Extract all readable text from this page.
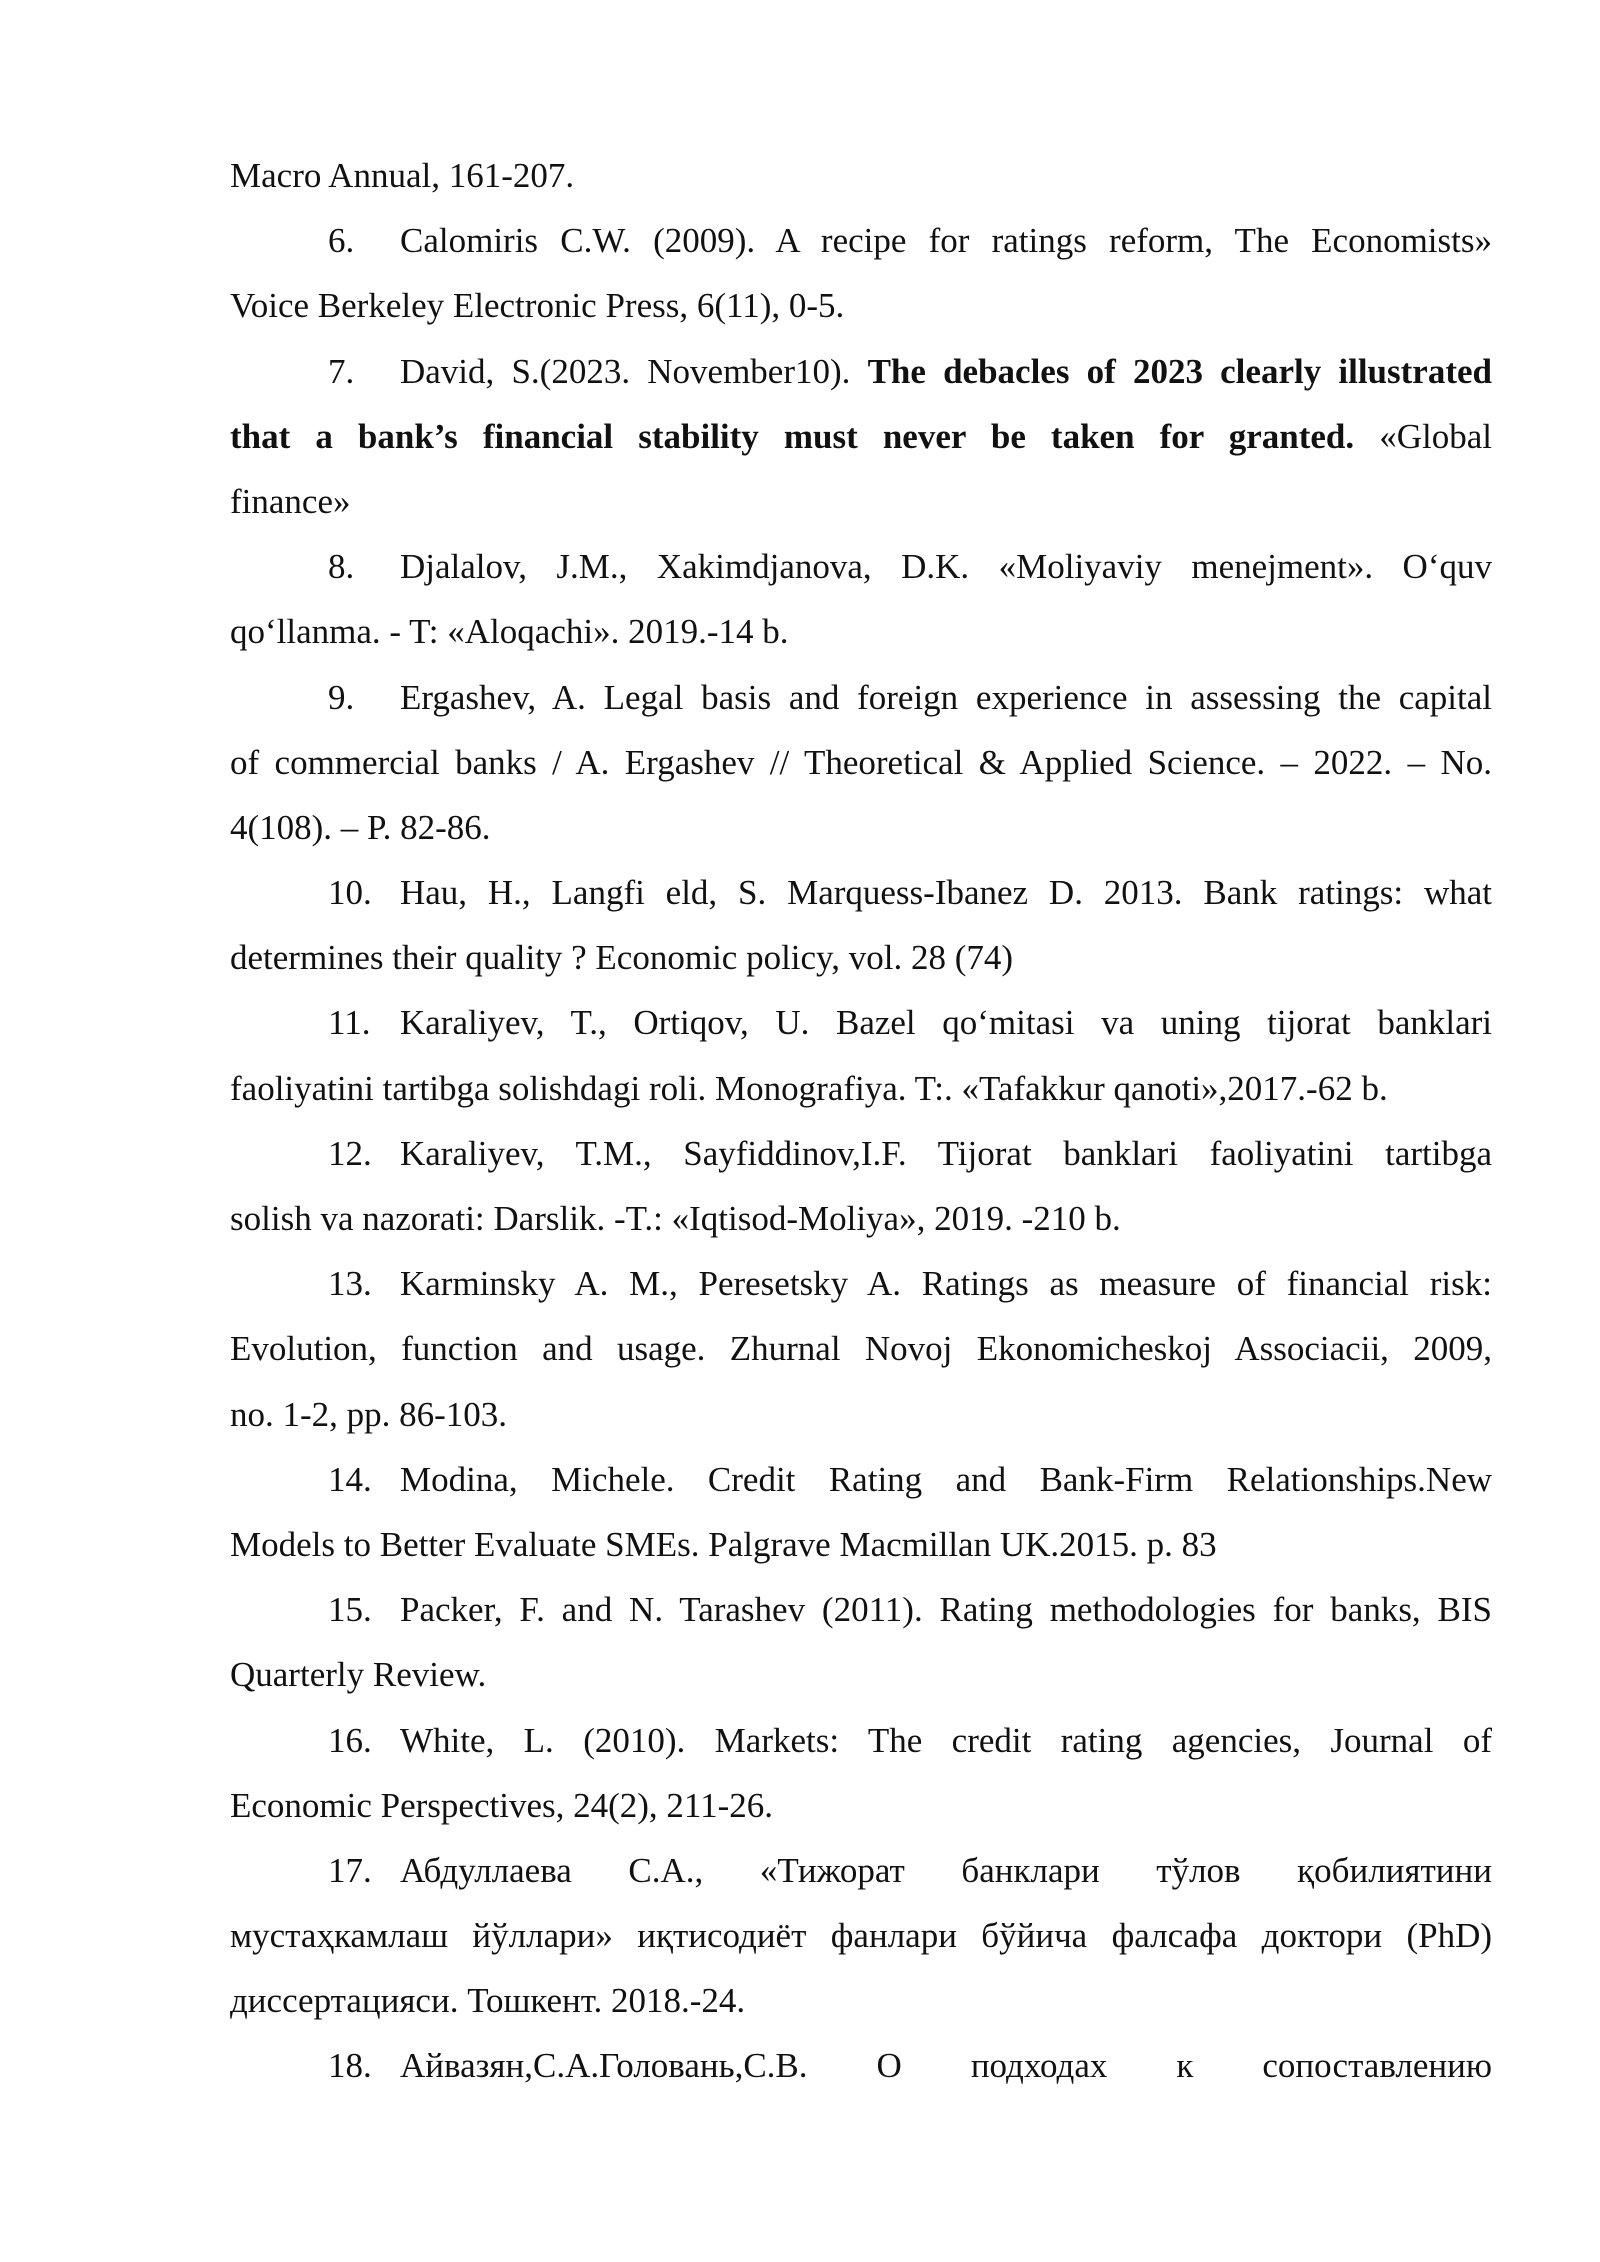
Macro Annual, 161-207.
6. Calomiris C.W. (2009). A recipe for ratings reform, The Economists»
Voice Berkeley Electronic Press, 6(11), 0-5.
7. David, S.(2023. November10). The debacles of 2023 clearly illustrated
that a bank’s financial stability must never be taken for granted. «Global
finance»
8. Djalalov, J.M., Xakimdjanova, D.K. «Moliyaviy menejment». O‘quv
qo‘llanma. - T: «Aloqachi». 2019.-14 b.
9. Ergashev, A. Legal basis and foreign experience in assessing the capital
of commercial banks / A. Ergashev // Theoretical & Applied Science. – 2022. – No.
4(108). – P. 82-86.
10. Hau, H., Langfi eld, S. Marquess-Ibanez D. 2013. Bank ratings: what
determines their quality ? Economic policy, vol. 28 (74)
11. Karaliyev, T., Ortiqov, U. Bazel qo‘mitasi va uning tijorat banklari
faoliyatini tartibga solishdagi roli. Monografiya. T:. «Tafakkur qanoti»,2017.-62 b.
12. Karaliyev, T.M., Sayfiddinov,I.F. Tijorat banklari faoliyatini tartibga
solish va nazorati: Darslik. -T.: «Iqtisod-Moliya», 2019. -210 b.
13. Karminsky A. M., Peresetsky A. Ratings as measure of financial risk:
Evolution, function and usage. Zhurnal Novoj Ekonomicheskoj Associacii, 2009,
no. 1-2, pp. 86-103.
14. Modina, Michele. Credit Rating and Bank-Firm Relationships.New
Models to Better Evaluate SMEs. Palgrave Macmillan UK.2015. p. 83
15. Packer, F. and N. Tarashev (2011). Rating methodologies for banks, BIS
Quarterly Review.
16. White, L. (2010). Markets: The credit rating agencies, Journal of
Economic Perspectives, 24(2), 211-26.
17. Абдуллаева С.А., «Тижорат банклари тўлов қобилиятини
мустаҳкамлаш йўллари» иқтисодиёт фанлари бўйича фалсафа доктори (PhD)
диссертацияси. Тошкент. 2018.-24.
18. Айвазян,С.А.Головань,С.В. О подходах к сопоставлению
